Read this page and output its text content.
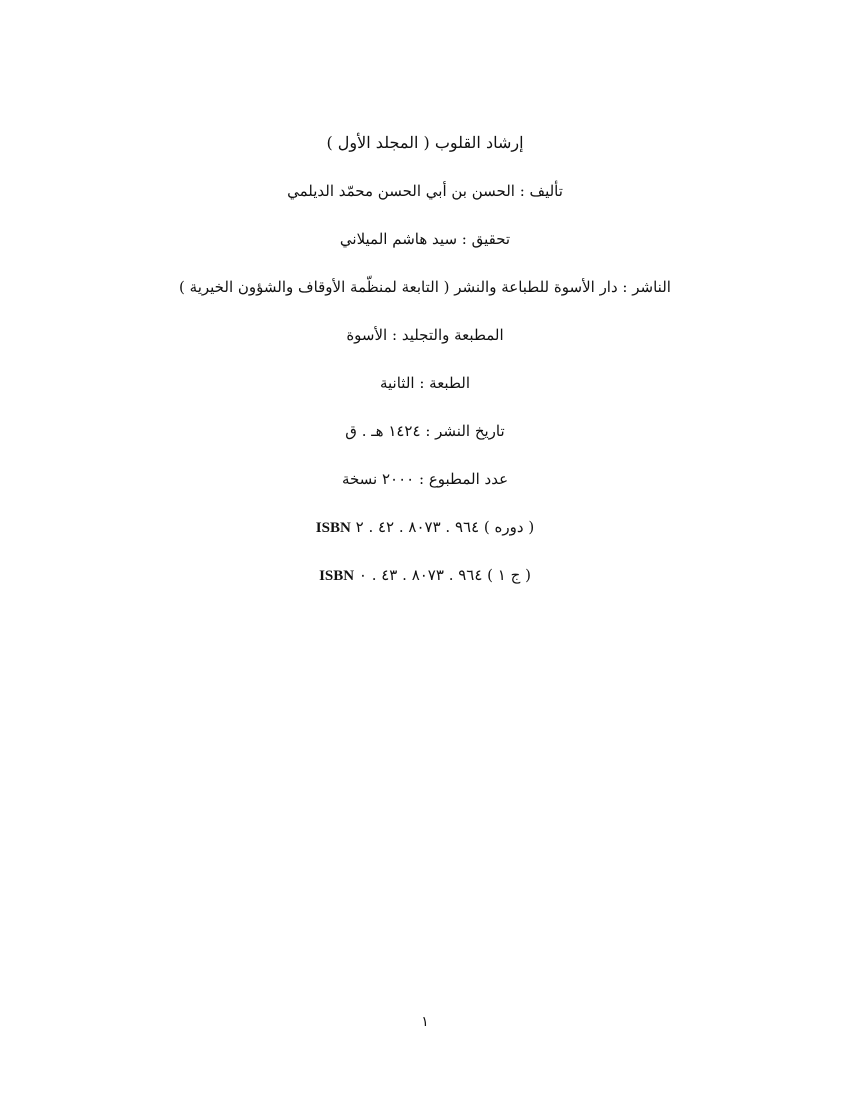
إرشاد القلوب ( المجلد الأول )
تأليف : الحسن بن أبي الحسن محمّد الديلمي
تحقيق : سيد هاشم الميلاني
الناشر : دار الأسوة للطباعة والنشر ( التابعة لمنظّمة الأوقاف والشؤون الخيرية )
المطبعة والتجليد : الأسوة
الطبعة : الثانية
تاريخ النشر : ١٤٢٤ هـ . ق
عدد المطبوع : ٢٠٠٠ نسخة
ISBN ( دوره ) ٩٦٤ . ٨٠٧٣ . ٤٢ . ٢
ISBN ( ج ١ ) ٩٦٤ . ٨٠٧٣ . ٤٣ . ٠
١
